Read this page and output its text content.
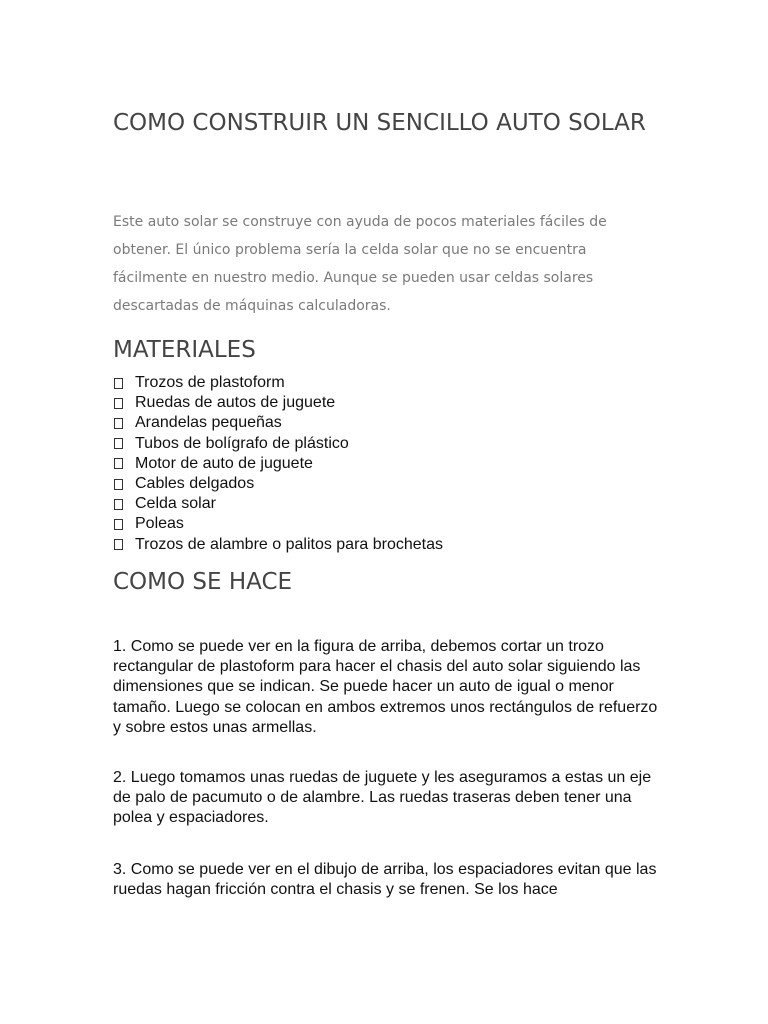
COMO CONSTRUIR UN SENCILLO AUTO SOLAR

Este auto solar se construye con ayuda de pocos materiales fáciles de obtener. El único problema sería la celda solar que no se encuentra fácilmente en nuestro medio. Aunque se pueden usar celdas solares descartadas de máquinas calculadoras.

MATERIALES
Trozos de plastoform
Ruedas de autos de juguete
Arandelas pequeñas
Tubos de bolígrafo de plástico
Motor de auto de juguete
Cables delgados
Celda solar
Poleas
Trozos de alambre o palitos para brochetas
COMO SE HACE

1. Como se puede ver en la figura de arriba, debemos cortar un trozo rectangular de plastoform para hacer el chasis del auto solar siguiendo las dimensiones que se indican. Se puede hacer un auto de igual o menor tamaño. Luego se colocan en ambos extremos unos rectángulos de refuerzo y sobre estos unas armellas.

2. Luego tomamos unas ruedas de juguete y les aseguramos a estas un eje de palo de pacumuto o de alambre. Las ruedas traseras deben tener una polea y espaciadores.

3. Como se puede ver en el dibujo de arriba, los espaciadores evitan que las ruedas hagan fricción contra el chasis y se frenen. Se los hace
